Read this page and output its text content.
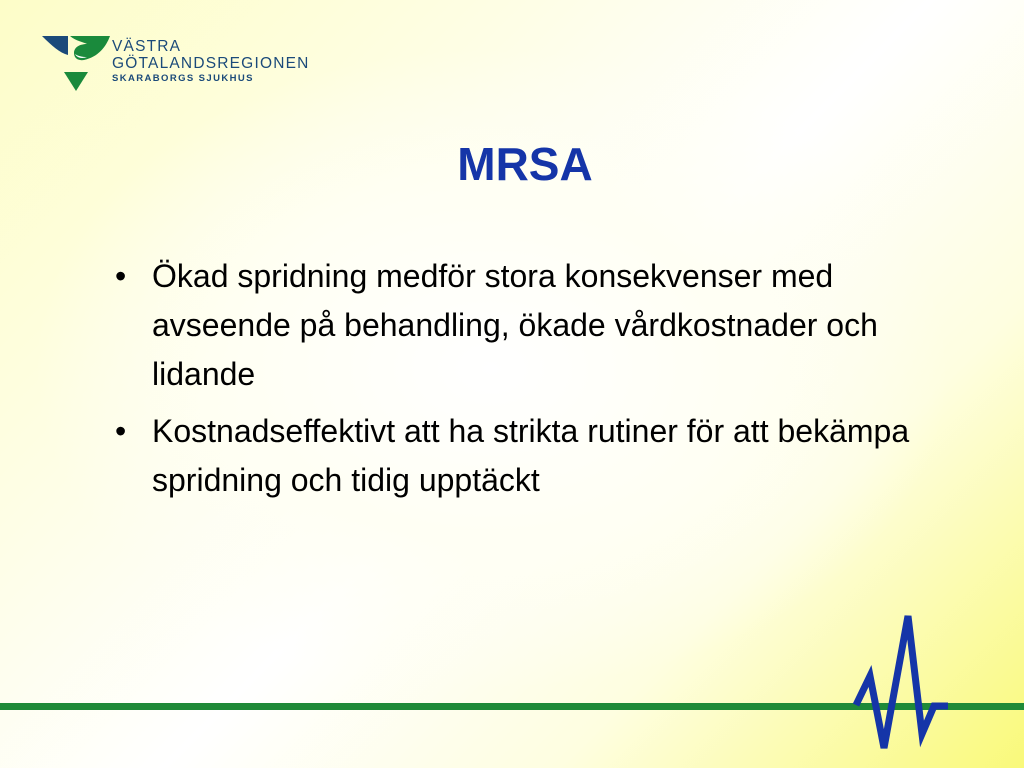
VÄSTRA
GÖTALANDSREGIONEN
SKARABORGS SJUKHUS
MRSA
• Ökad spridning medför stora konsekvenser med avseende på behandling, ökade vårdkostnader och lidande
• Kostnadseffektivt att ha strikta rutiner för att bekämpa spridning och tidig upptäckt
